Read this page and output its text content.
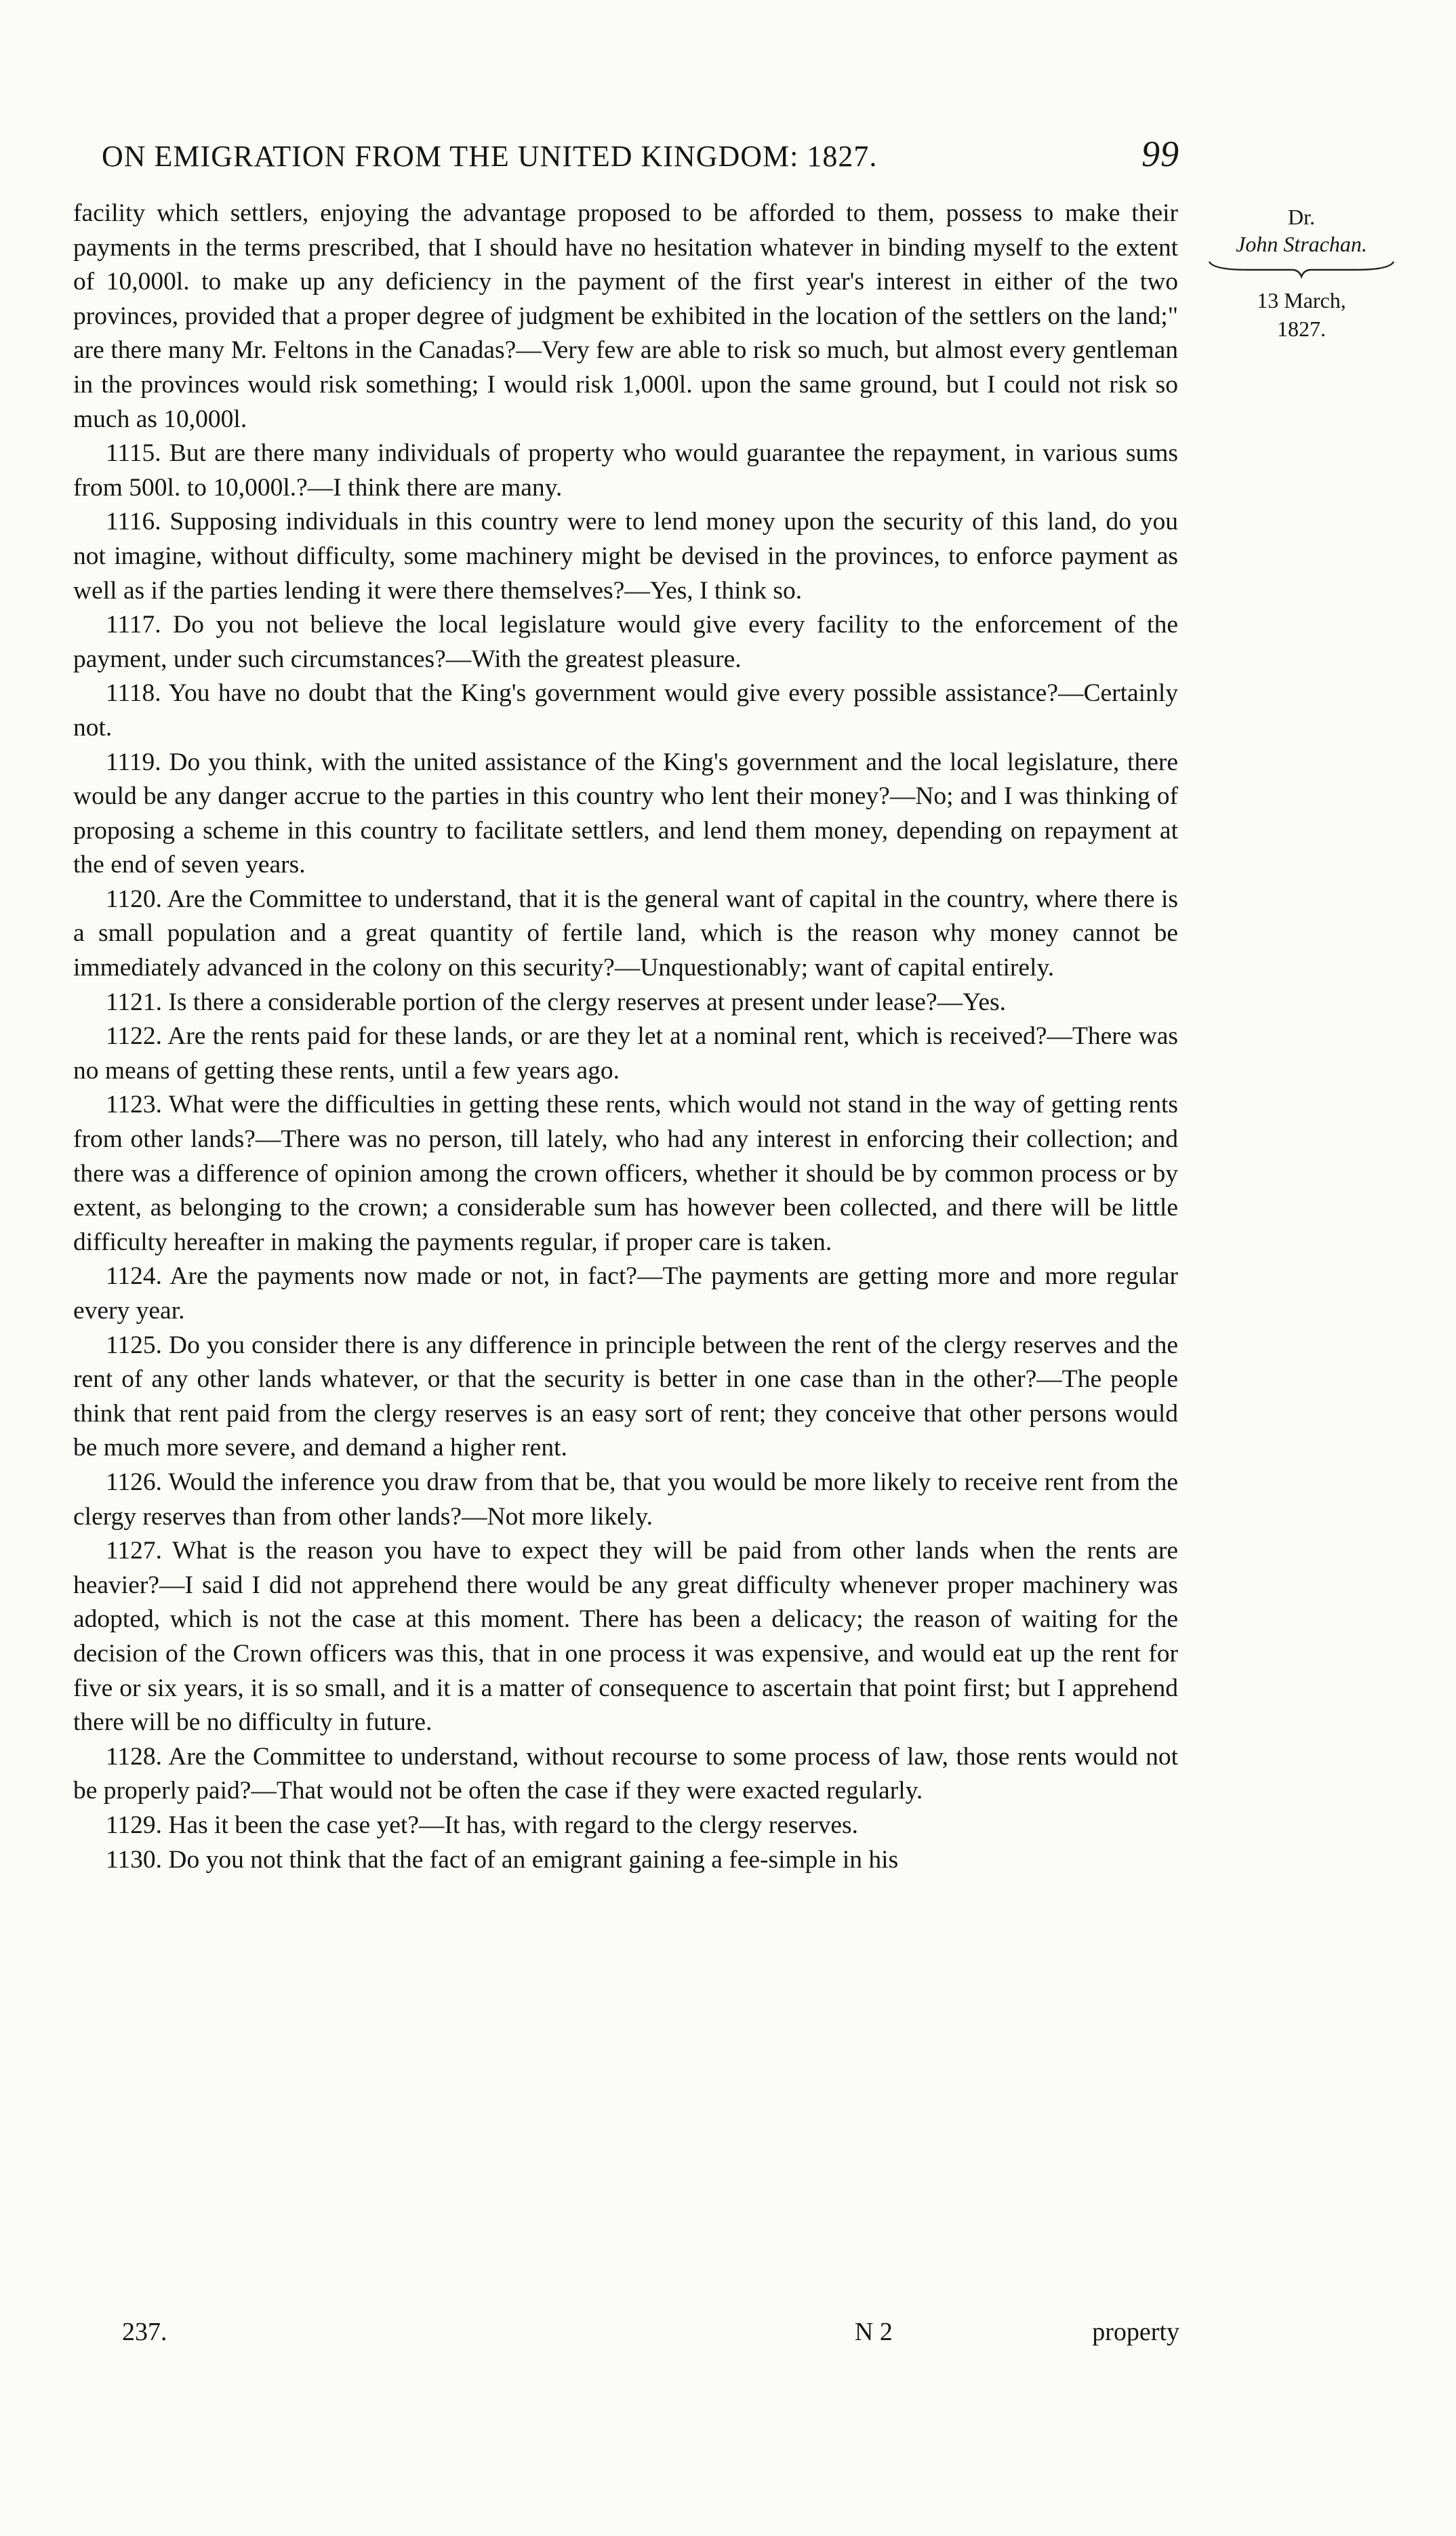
ON EMIGRATION FROM THE UNITED KINGDOM: 1827.	99
Dr.
John Strachan.
13 March,
1827.

facility which settlers, enjoying the advantage proposed to be afforded to them, possess to make their payments in the terms prescribed, that I should have no hesitation whatever in binding myself to the extent of 10,000l. to make up any deficiency in the payment of the first year's interest in either of the two provinces, provided that a proper degree of judgment be exhibited in the location of the settlers on the land;" are there many Mr. Feltons in the Canadas?—Very few are able to risk so much, but almost every gentleman in the provinces would risk something; I would risk 1,000l. upon the same ground, but I could not risk so much as 10,000l.

1115. But are there many individuals of property who would guarantee the repayment, in various sums from 500l. to 10,000l.?—I think there are many.

1116. Supposing individuals in this country were to lend money upon the security of this land, do you not imagine, without difficulty, some machinery might be devised in the provinces, to enforce payment as well as if the parties lending it were there themselves?—Yes, I think so.

1117. Do you not believe the local legislature would give every facility to the enforcement of the payment, under such circumstances?—With the greatest pleasure.

1118. You have no doubt that the King's government would give every possible assistance?—Certainly not.

1119. Do you think, with the united assistance of the King's government and the local legislature, there would be any danger accrue to the parties in this country who lent their money?—No; and I was thinking of proposing a scheme in this country to facilitate settlers, and lend them money, depending on repayment at the end of seven years.

1120. Are the Committee to understand, that it is the general want of capital in the country, where there is a small population and a great quantity of fertile land, which is the reason why money cannot be immediately advanced in the colony on this security?—Unquestionably; want of capital entirely.

1121. Is there a considerable portion of the clergy reserves at present under lease?—Yes.

1122. Are the rents paid for these lands, or are they let at a nominal rent, which is received?—There was no means of getting these rents, until a few years ago.

1123. What were the difficulties in getting these rents, which would not stand in the way of getting rents from other lands?—There was no person, till lately, who had any interest in enforcing their collection; and there was a difference of opinion among the crown officers, whether it should be by common process or by extent, as belonging to the crown; a considerable sum has however been collected, and there will be little difficulty hereafter in making the payments regular, if proper care is taken.

1124. Are the payments now made or not, in fact?—The payments are getting more and more regular every year.

1125. Do you consider there is any difference in principle between the rent of the clergy reserves and the rent of any other lands whatever, or that the security is better in one case than in the other?—The people think that rent paid from the clergy reserves is an easy sort of rent; they conceive that other persons would be much more severe, and demand a higher rent.

1126. Would the inference you draw from that be, that you would be more likely to receive rent from the clergy reserves than from other lands?—Not more likely.

1127. What is the reason you have to expect they will be paid from other lands when the rents are heavier?—I said I did not apprehend there would be any great difficulty whenever proper machinery was adopted, which is not the case at this moment. There has been a delicacy; the reason of waiting for the decision of the Crown officers was this, that in one process it was expensive, and would eat up the rent for five or six years, it is so small, and it is a matter of consequence to ascertain that point first; but I apprehend there will be no difficulty in future.

1128. Are the Committee to understand, without recourse to some process of law, those rents would not be properly paid?—That would not be often the case if they were exacted regularly.

1129. Has it been the case yet?—It has, with regard to the clergy reserves.

1130. Do you not think that the fact of an emigrant gaining a fee-simple in his

237.	N 2	property
